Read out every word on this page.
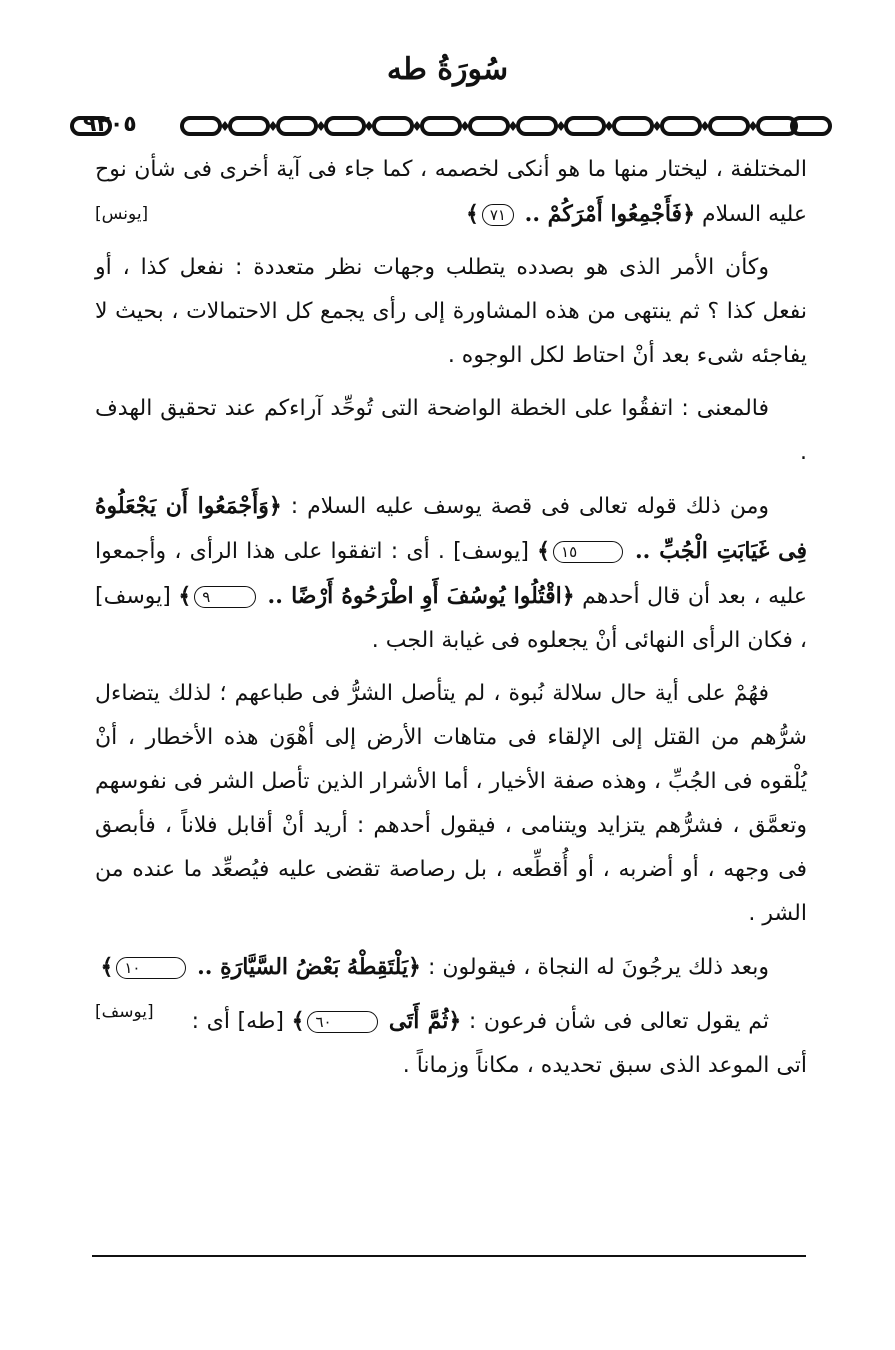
سُورَةُ طه
٩٣٠٥

المختلفة ، ليختار منها ما هو أنكى لخصمه ، كما جاء فى آية أخرى فى شأن نوح عليه السلام ﴿فَأَجْمِعُوا أَمْرَكُمْ .. ٧١﴾
[يونس]

وكأن الأمر الذى هو بصدده يتطلب وجهات نظر متعددة : نفعل كذا ، أو نفعل كذا ؟ ثم ينتهى من هذه المشاورة إلى رأى يجمع كل الاحتمالات ، بحيث لا يفاجئه شىء بعد أنْ احتاط لكل الوجوه .

فالمعنى : اتفقُوا على الخطة الواضحة التى تُوحِّد آراءكم عند تحقيق الهدف .

ومن ذلك قوله تعالى فى قصة يوسف عليه السلام : ﴿وَأَجْمَعُوا أَن يَجْعَلُوهُ فِى غَيَابَتِ الْجُبِّ .. ١٥﴾ [يوسف] . أى : اتفقوا على هذا الرأى ، وأجمعوا عليه ، بعد أن قال أحدهم ﴿اقْتُلُوا يُوسُفَ أَوِ اطْرَحُوهُ أَرْضًا .. ٩﴾ [يوسف] ، فكان الرأى النهائى أنْ يجعلوه فى غيابة الجب .

فهُمْ على أية حال سلالة نُبوة ، لم يتأصل الشرُّ فى طباعهم ؛ لذلك يتضاءل شرُّهم من القتل إلى الإلقاء فى متاهات الأرض إلى أهْوَن هذه الأخطار ، أنْ يُلْقوه فى الجُبِّ ، وهذه صفة الأخيار ، أما الأشرار الذين تأصل الشر فى نفوسهم وتعمَّق ، فشرُّهم يتزايد ويتنامى ، فيقول أحدهم : أريد أنْ أقابل فلاناً ، فأبصق فى وجهه ، أو أضربه ، أو أُقطِّعه ، بل رصاصة تقضى عليه فيُصعِّد ما عنده من الشر .

وبعد ذلك يرجُونَ له النجاة ، فيقولون : ﴿يَلْتَقِطْهُ بَعْضُ السَّيَّارَةِ .. ١٠﴾
[يوسف]	ثم يقول تعالى فى شأن فرعون : ﴿ثُمَّ أَتَى ٦٠﴾ [طه] أى : أتى الموعد الذى سبق تحديده ، مكاناً وزماناً .
